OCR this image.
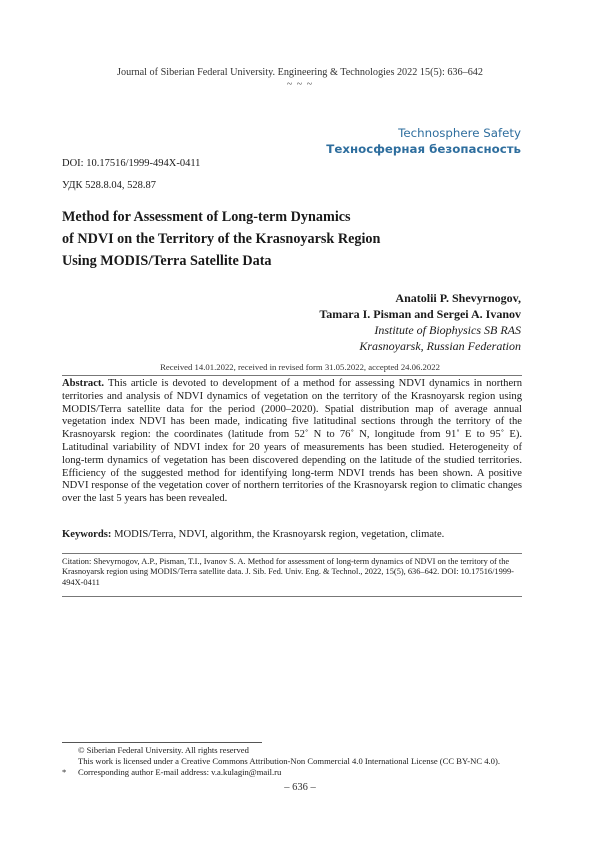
Journal of Siberian Federal University. Engineering & Technologies 2022 15(5): 636–642
~ ~ ~
Technosphere Safety
Техносферная безопасность
DOI: 10.17516/1999-494X-0411
УДК 528.8.04, 528.87
Method for Assessment of Long-term Dynamics
of NDVI on the Territory of the Krasnoyarsk Region
Using MODIS/Terra Satellite Data
Anatolii P. Shevyrnogov,
Tamara I. Pisman and Sergei A. Ivanov
Institute of Biophysics SB RAS
Krasnoyarsk, Russian Federation
Received 14.01.2022, received in revised form 31.05.2022, accepted 24.06.2022
Abstract. This article is devoted to development of a method for assessing NDVI dynamics in northern territories and analysis of NDVI dynamics of vegetation on the territory of the Krasnoyarsk region using MODIS/Terra satellite data for the period (2000–2020). Spatial distribution map of average annual vegetation index NDVI has been made, indicating five latitudinal sections through the territory of the Krasnoyarsk region: the coordinates (latitude from 52˚ N to 76˚ N, longitude from 91˚ E to 95˚ E). Latitudinal variability of NDVI index for 20 years of measurements has been studied. Heterogeneity of long-term dynamics of vegetation has been discovered depending on the latitude of the studied territories. Efficiency of the suggested method for identifying long-term NDVI trends has been shown. A positive NDVI response of the vegetation cover of northern territories of the Krasnoyarsk region to climatic changes over the last 5 years has been revealed.
Keywords: MODIS/Terra, NDVI, algorithm, the Krasnoyarsk region, vegetation, climate.
Citation: Shevyrnogov, A.P., Pisman, T.I., Ivanov S. A. Method for assessment of long-term dynamics of NDVI on the territory of the Krasnoyarsk region using MODIS/Terra satellite data. J. Sib. Fed. Univ. Eng. & Technol., 2022, 15(5), 636–642. DOI: 10.17516/1999-494X-0411
© Siberian Federal University. All rights reserved
This work is licensed under a Creative Commons Attribution-Non Commercial 4.0 International License (CC BY-NC 4.0).
* Corresponding author E-mail address: v.a.kulagin@mail.ru
– 636 –
